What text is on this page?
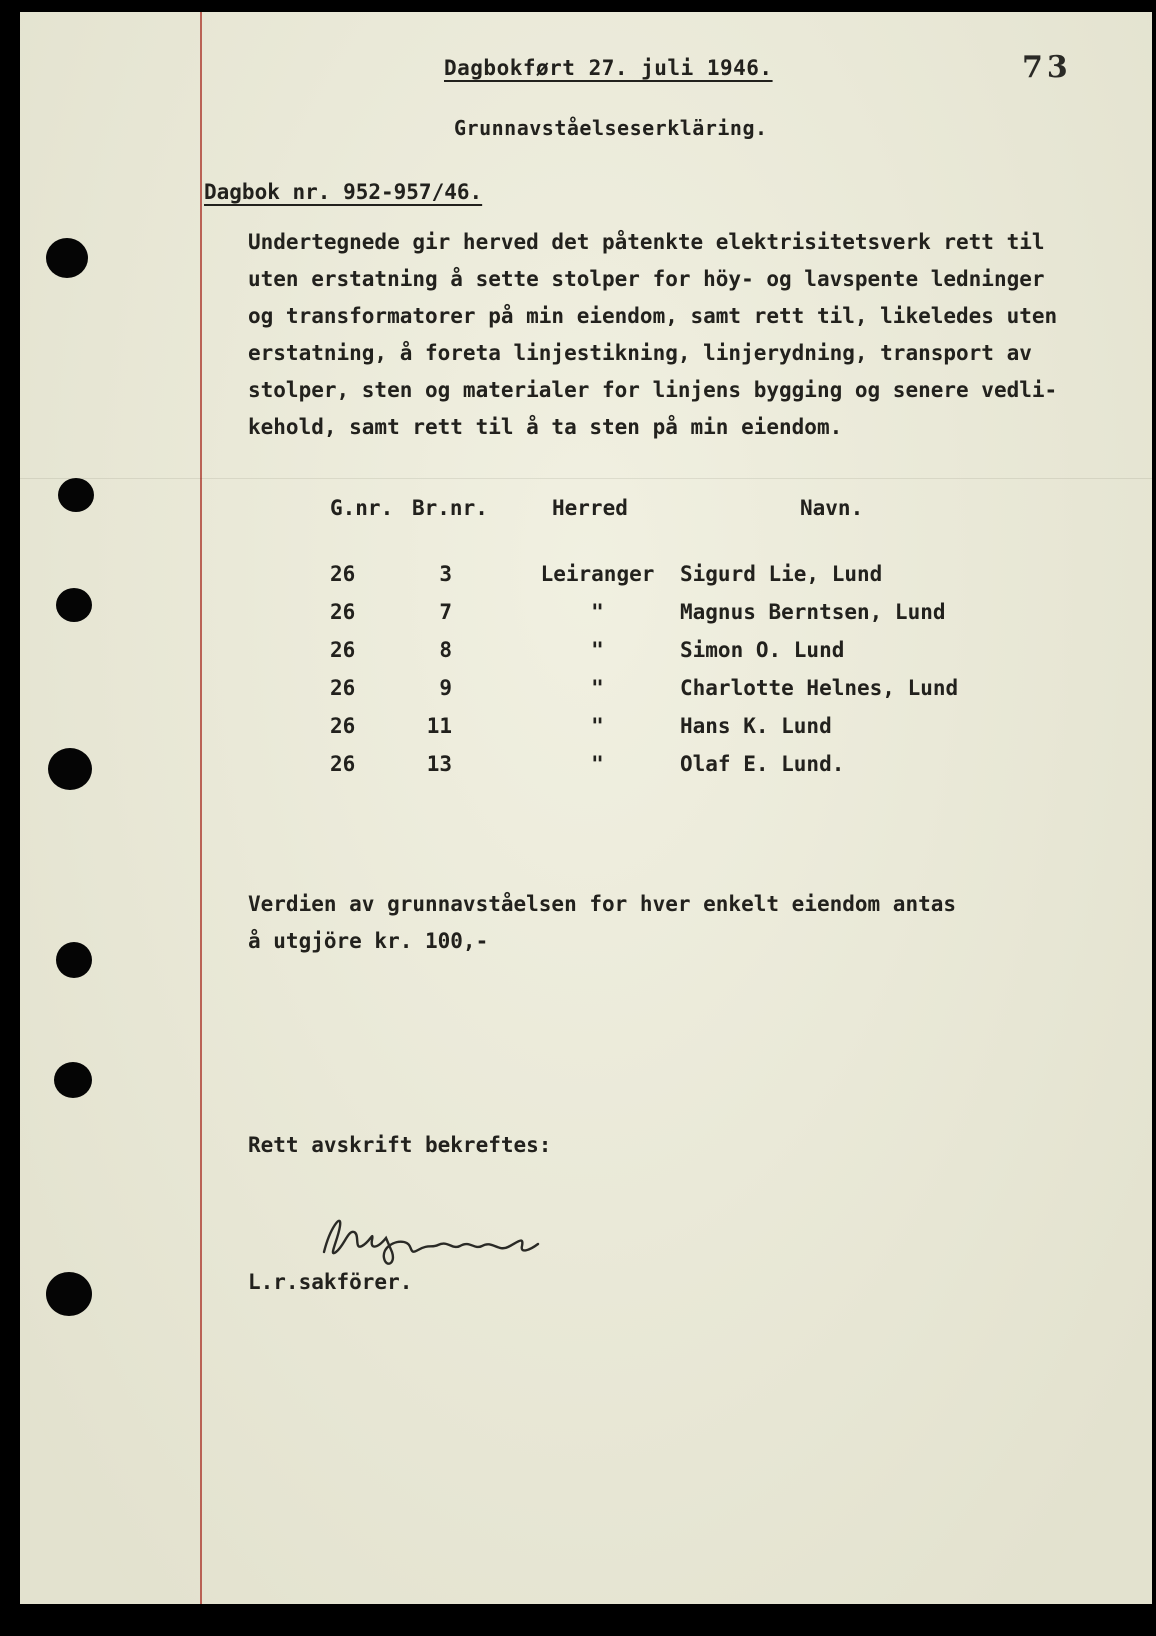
Dagbokført 27. juli 1946.	73
Grunnavståelseserkläring.
Dagbok nr. 952-957/46.
Undertegnede gir herved det påtenkte elektrisitetsverk rett til
uten erstatning å sette stolper for höy- og lavspente ledninger
og transformatorer på min eiendom, samt rett til, likeledes uten
erstatning, å foreta linjestikning, linjerydning, transport av
stolper, sten og materialer for linjens bygging og senere vedli-
kehold, samt rett til å ta sten på min eiendom.
G.nr. Br.nr.	Herred	Navn.
26	3	Leiranger	Sigurd Lie, Lund
26	7	"	Magnus Berntsen, Lund
26	8	"	Simon O. Lund
26	9	"	Charlotte Helnes, Lund
26	11	"	Hans K. Lund
26	13	"	Olaf E. Lund.
Verdien av grunnavståelsen for hver enkelt eiendom antas
å utgjöre kr. 100,-
Rett avskrift bekreftes:
L.r.sakförer.
